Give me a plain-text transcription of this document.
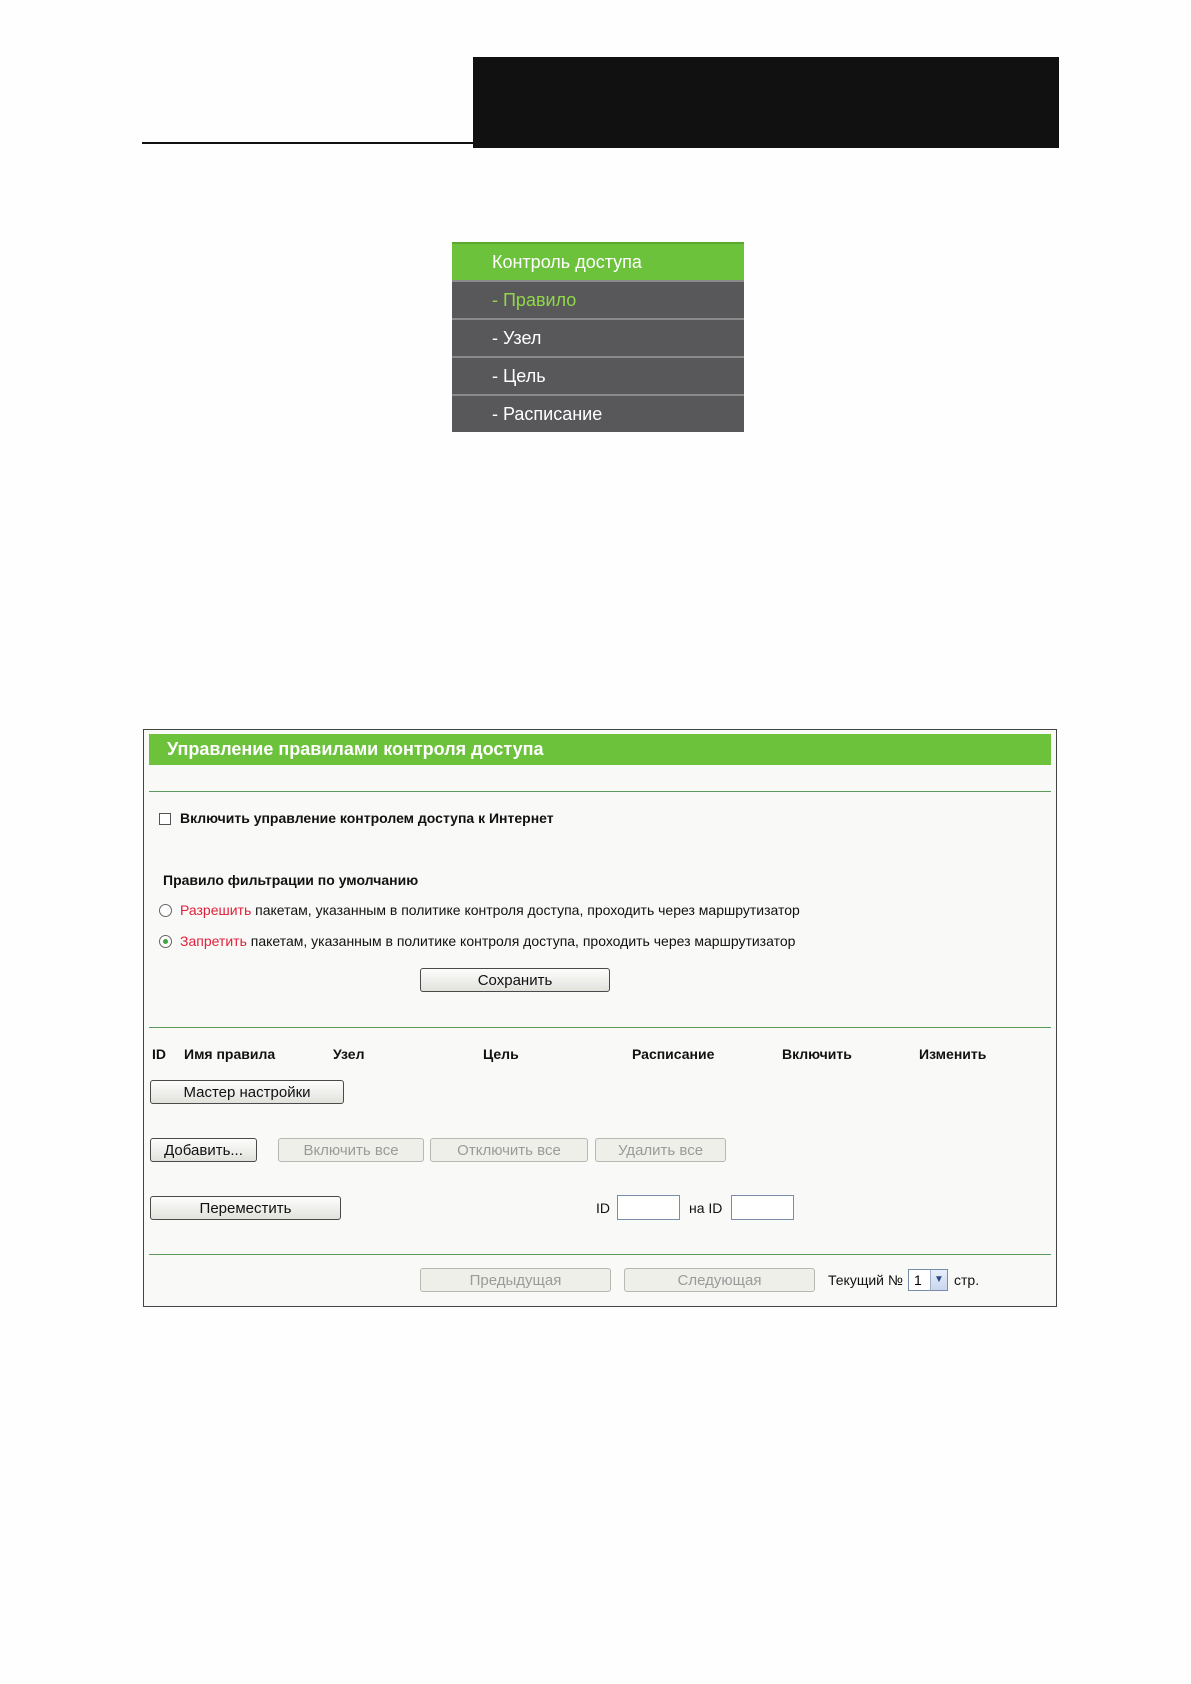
Контроль доступа
- Правило
- Узел
- Цель
- Расписание
Управление правилами контроля доступа
Включить управление контролем доступа к Интернет
Правило фильтрации по умолчанию
Разрешить пакетам, указанным в политике контроля доступа, проходить через маршрутизатор
Запретить пакетам, указанным в политике контроля доступа, проходить через маршрутизатор
Сохранить
ID Имя правила	Узел	Цель	Расписание	Включить	Изменить
Мастер настройки
Добавить...	Включить все	Отключить все	Удалить все
Переместить	ID	на ID
Предыдущая	Следующая	Текущий № 1	▼ стр.
